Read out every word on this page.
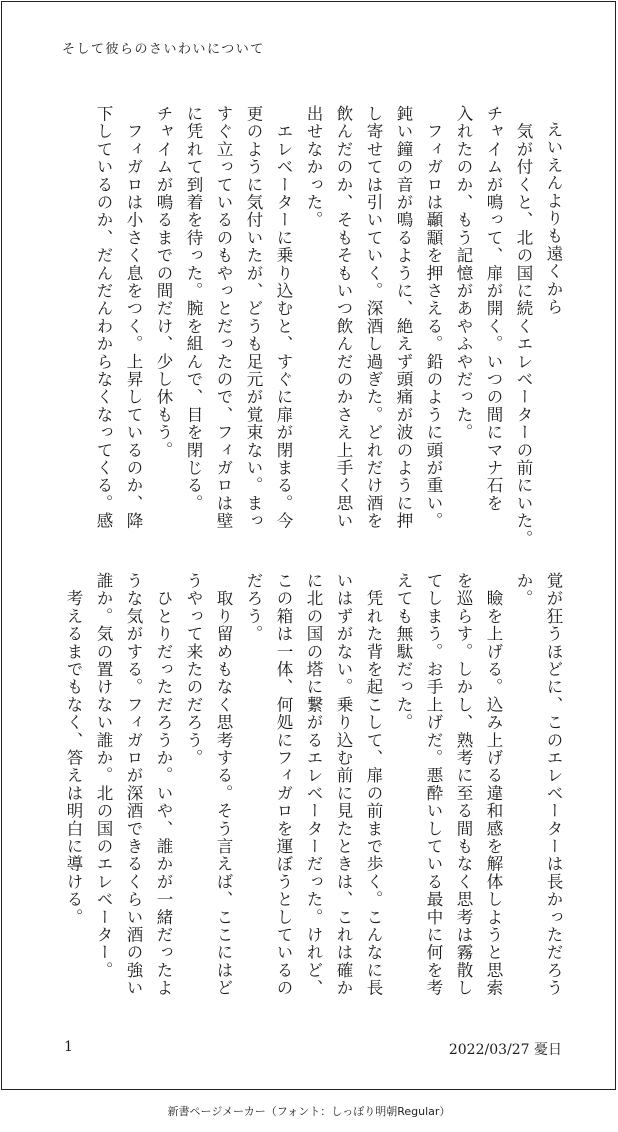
そして彼らのさいわいについて

えいえんよりも遠くから

　気が付くと、北の国に続くエレベーターの前にいた。

チャイムが鳴って、扉が開く。いつの間にマナ石を

入れたのか、もう記憶があやふやだった。

　フィガロは顳顬を押さえる。鉛のように頭が重い。

鈍い鐘の音が鳴るように、絶えず頭痛が波のように押

し寄せては引いていく。深酒し過ぎた。どれだけ酒を

飲んだのか、そもそもいつ飲んだのかさえ上手く思い

出せなかった。

　エレベーターに乗り込むと、すぐに扉が閉まる。今

更のように気付いたが、どうも足元が覚束ない。まっ

すぐ立っているのもやっとだったので、フィガロは壁

に凭れて到着を待った。腕を組んで、目を閉じる。

チャイムが鳴るまでの間だけ、少し休もう。

　フィガロは小さく息をつく。上昇しているのか、降

下しているのか、だんだんわからなくなってくる。感

覚が狂うほどに、このエレベーターは長かっただろう

か。

　瞼を上げる。込み上げる違和感を解体しようと思索

を巡らす。しかし、熟考に至る間もなく思考は霧散し

てしまう。お手上げだ。悪酔いしている最中に何を考

えても無駄だった。

　凭れた背を起こして、扉の前まで歩く。こんなに長

いはずがない。乗り込む前に見たときは、これは確か

に北の国の塔に繋がるエレベーターだった。けれど、

この箱は一体、何処にフィガロを運ぼうとしているの

だろう。

　取り留めもなく思考する。そう言えば、ここにはど

うやって来たのだろう。

　ひとりだっただろうか。いや、誰かが一緒だったよ

うな気がする。フィガロが深酒できるくらい酒の強い

誰か。気の置けない誰か。北の国のエレベーター。

　考えるまでもなく、答えは明白に導ける。

1	2022/03/27 憂日
新書ページメーカー（フォント：しっぽり明朝Regular）
